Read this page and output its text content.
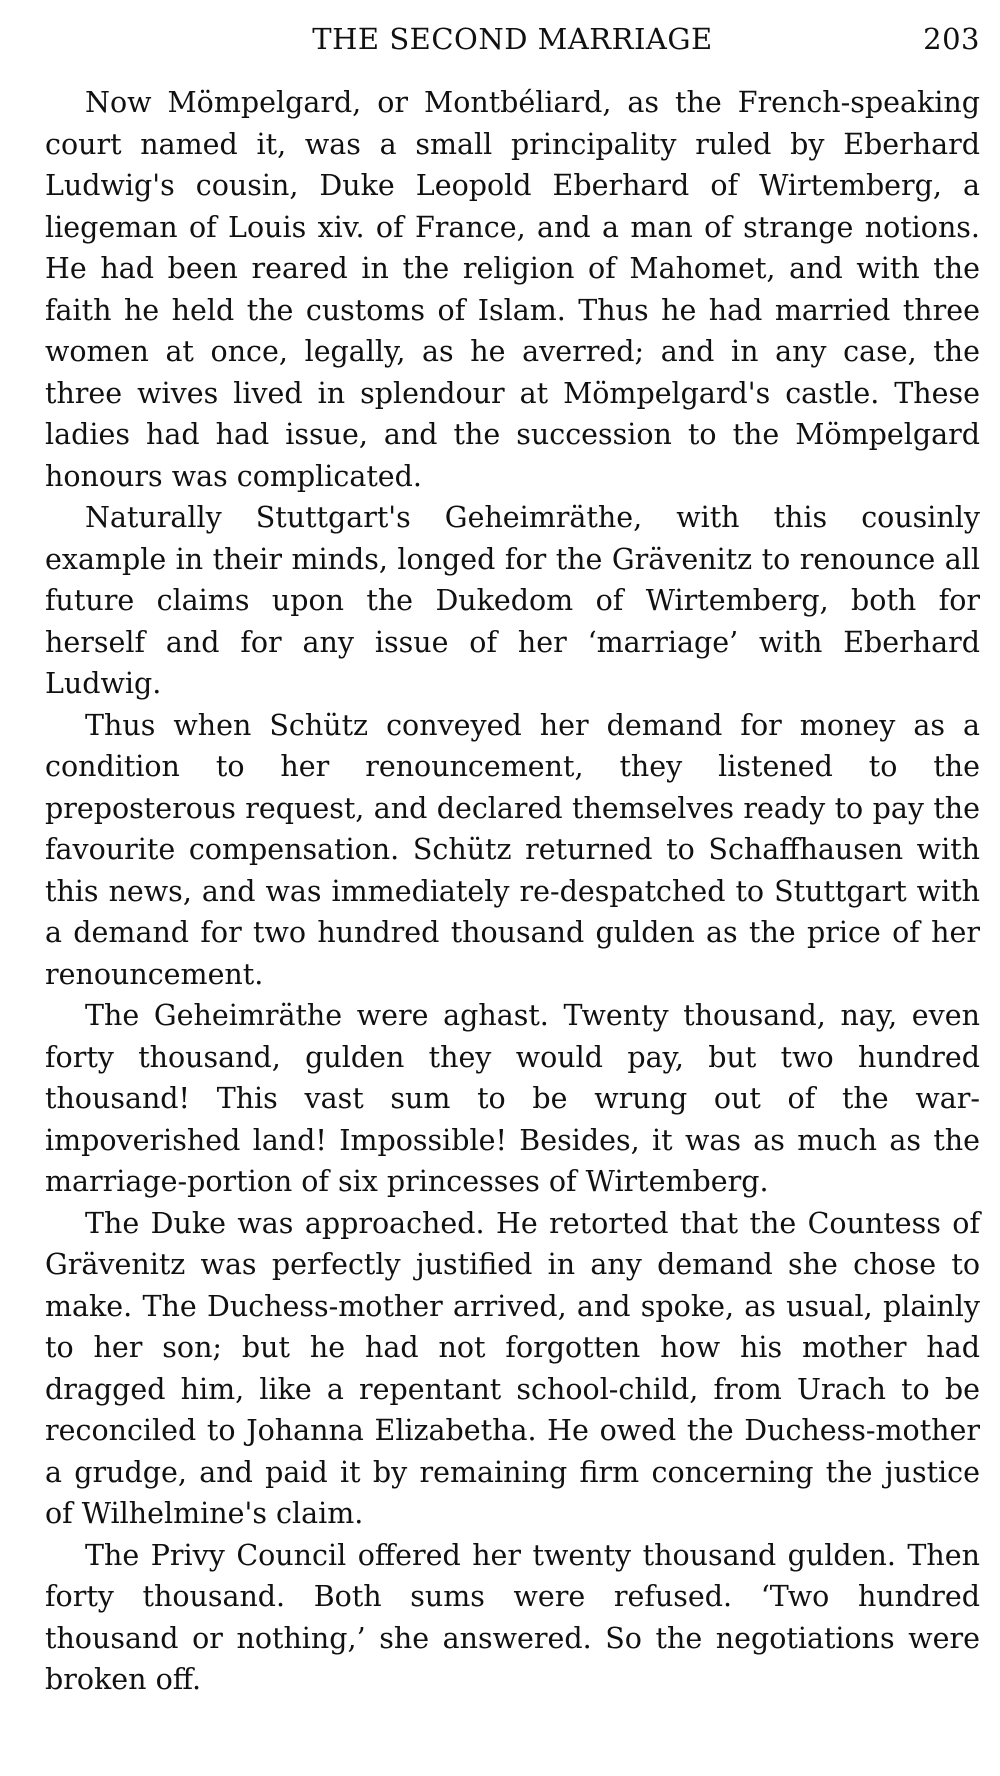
THE SECOND MARRIAGE	203

Now Mömpelgard, or Montbéliard, as the French-speaking court named it, was a small principality ruled by Eberhard Ludwig's cousin, Duke Leopold Eberhard of Wirtemberg, a liegeman of Louis xiv. of France, and a man of strange notions. He had been reared in the religion of Mahomet, and with the faith he held the customs of Islam. Thus he had married three women at once, legally, as he averred; and in any case, the three wives lived in splendour at Mömpelgard's castle. These ladies had had issue, and the succession to the Mömpelgard honours was complicated.

Naturally Stuttgart's Geheimräthe, with this cousinly example in their minds, longed for the Grävenitz to renounce all future claims upon the Dukedom of Wirtemberg, both for herself and for any issue of her ‘marriage’ with Eberhard Ludwig.

Thus when Schütz conveyed her demand for money as a condition to her renouncement, they listened to the preposterous request, and declared themselves ready to pay the favourite compensation. Schütz returned to Schaffhausen with this news, and was immediately re-despatched to Stuttgart with a demand for two hundred thousand gulden as the price of her renouncement.

The Geheimräthe were aghast. Twenty thousand, nay, even forty thousand, gulden they would pay, but two hundred thousand! This vast sum to be wrung out of the war-impoverished land! Impossible! Besides, it was as much as the marriage-portion of six princesses of Wirtemberg.

The Duke was approached. He retorted that the Countess of Grävenitz was perfectly justified in any demand she chose to make. The Duchess-mother arrived, and spoke, as usual, plainly to her son; but he had not forgotten how his mother had dragged him, like a repentant school-child, from Urach to be reconciled to Johanna Elizabetha. He owed the Duchess-mother a grudge, and paid it by remaining firm concerning the justice of Wilhelmine's claim.

The Privy Council offered her twenty thousand gulden. Then forty thousand. Both sums were refused. ‘Two hundred thousand or nothing,’ she answered. So the negotiations were broken off.
